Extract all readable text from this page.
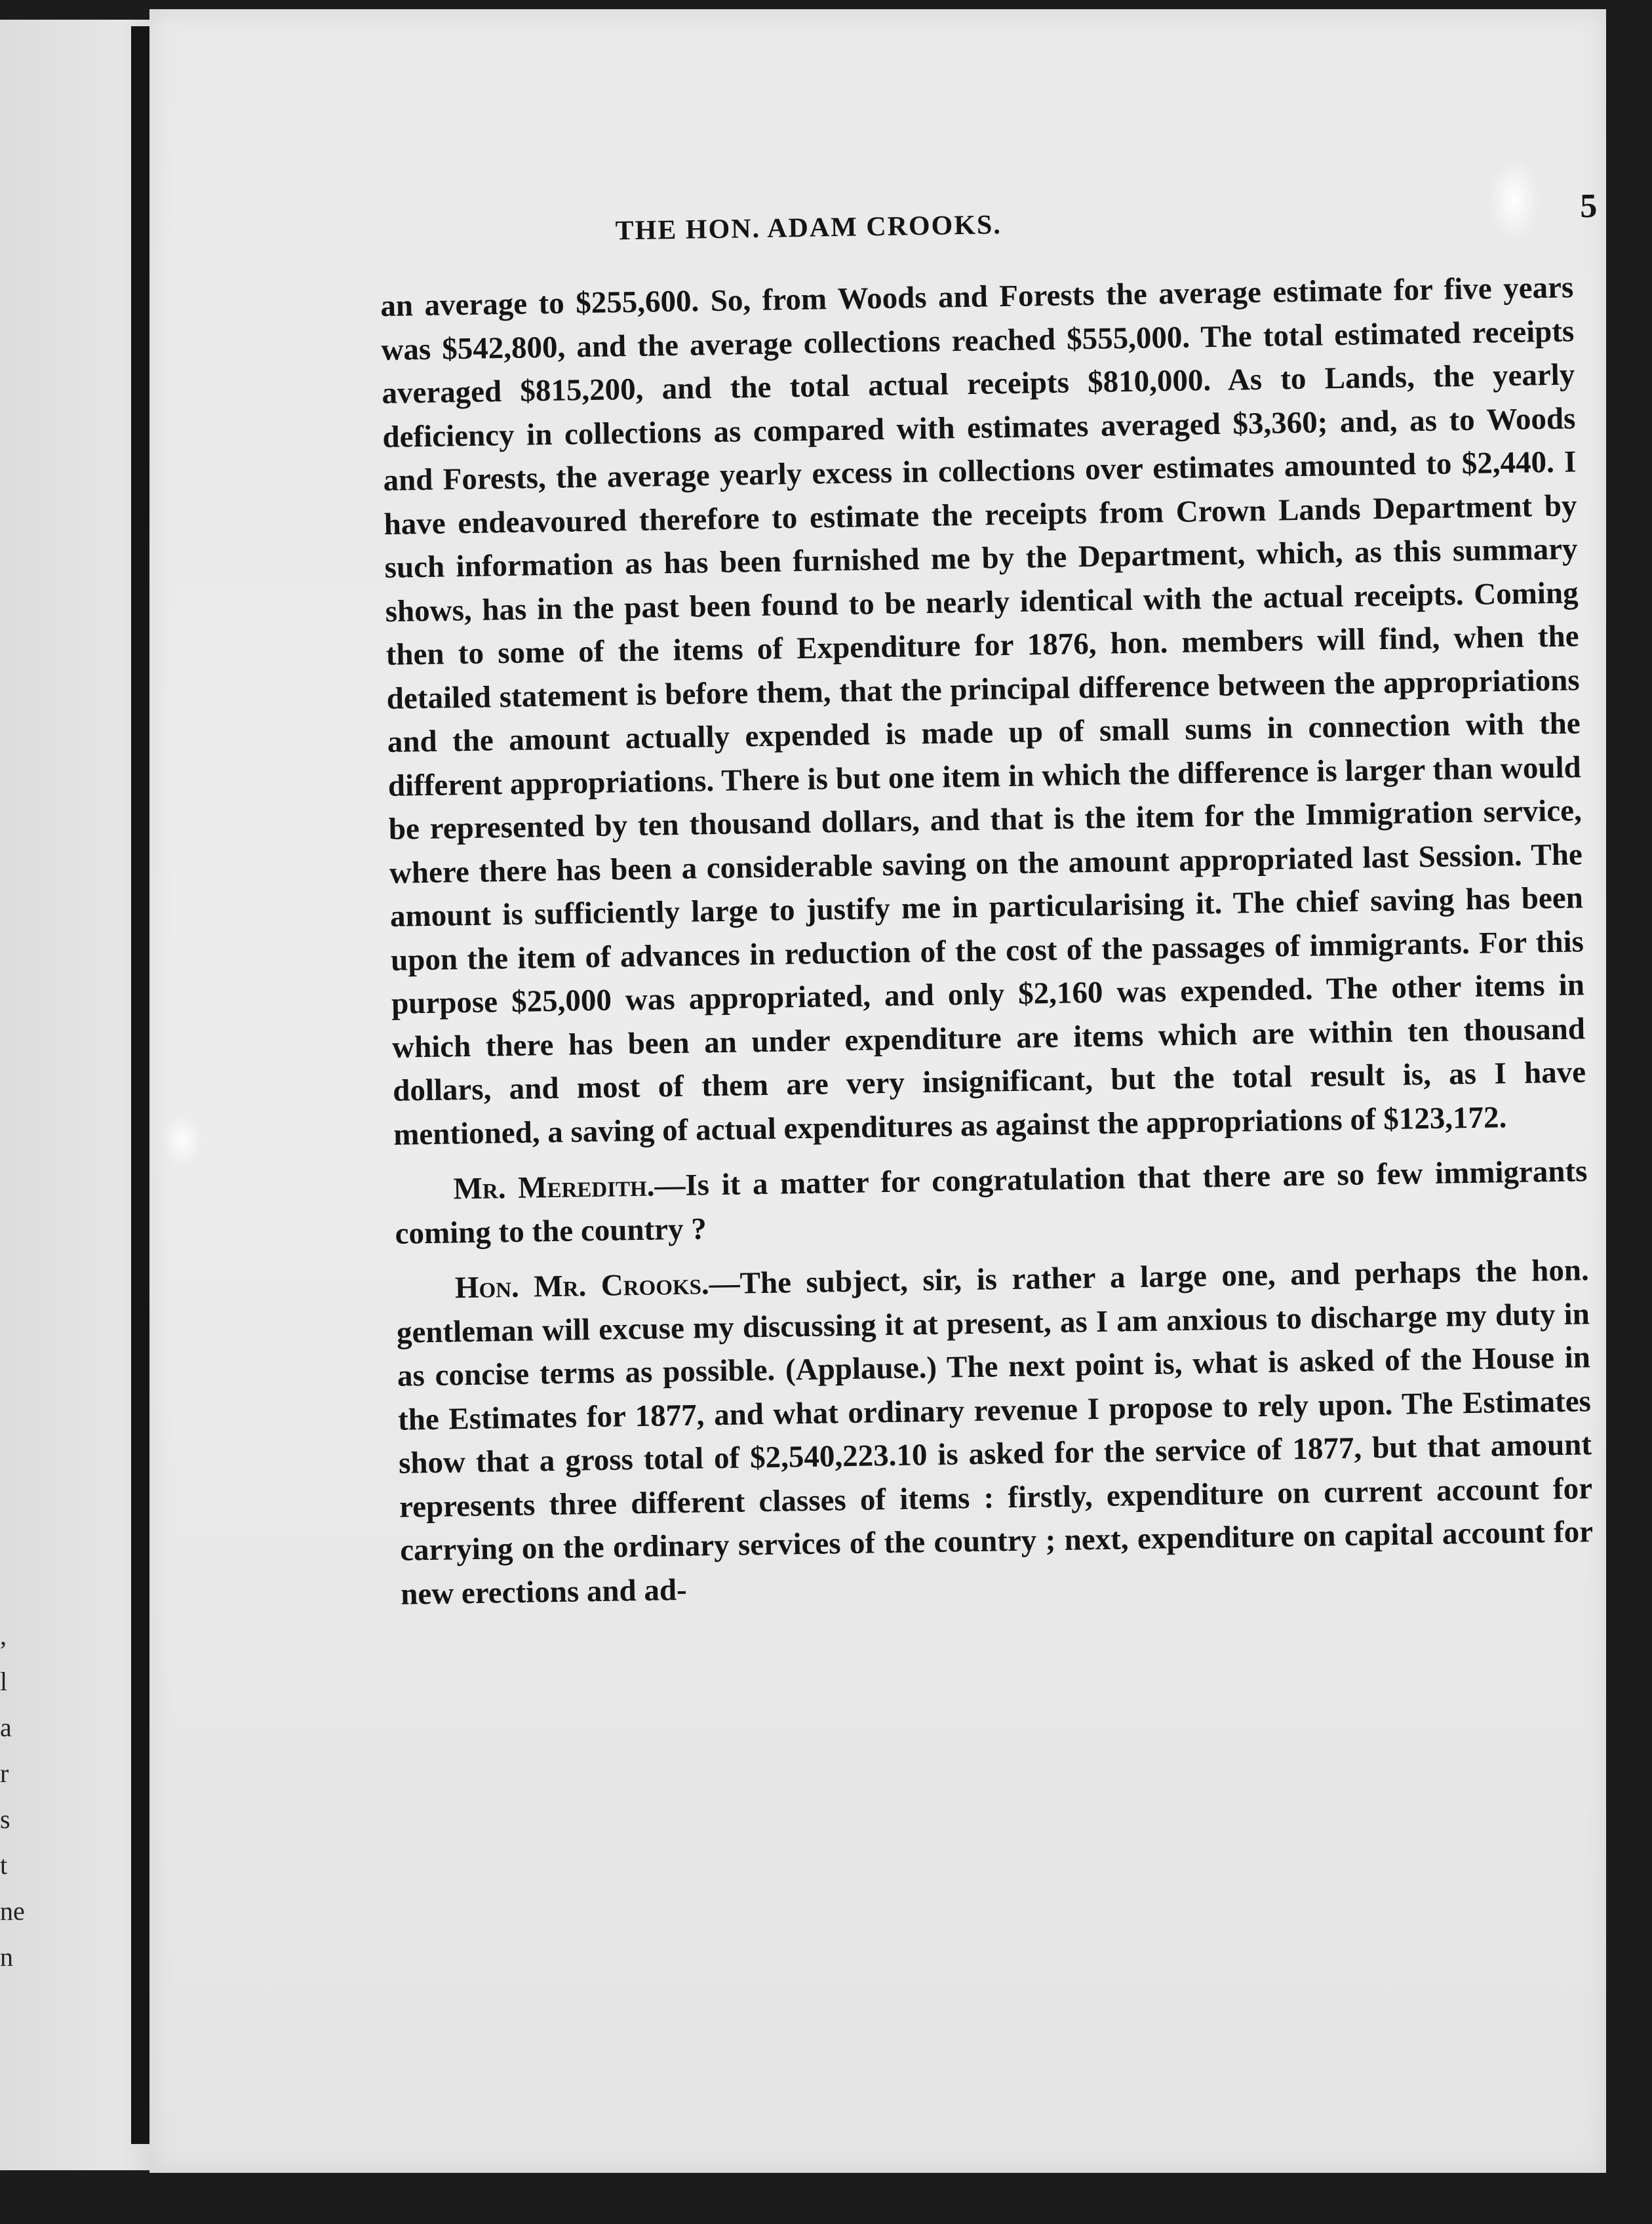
,
l
a
r
s
t
ne
n
THE HON. ADAM CROOKS.
5

an average to $255,600. So, from Woods and Forests the average estimate for five years was $542,800, and the average collections reached $555,000. The total estimated receipts averaged $815,200, and the total actual receipts $810,000. As to Lands, the yearly deficiency in collections as compared with estimates averaged $3,360; and, as to Woods and Forests, the average yearly excess in collections over estimates amounted to $2,440. I have endeavoured therefore to estimate the receipts from Crown Lands Department by such information as has been furnished me by the Department, which, as this summary shows, has in the past been found to be nearly identical with the actual receipts. Coming then to some of the items of Expenditure for 1876, hon. members will find, when the detailed statement is before them, that the principal difference between the appropriations and the amount actually expended is made up of small sums in connection with the different appropriations. There is but one item in which the difference is larger than would be represented by ten thousand dollars, and that is the item for the Immigration service, where there has been a considerable saving on the amount appropriated last Session. The amount is sufficiently large to justify me in particularising it. The chief saving has been upon the item of advances in reduction of the cost of the passages of immigrants. For this purpose $25,000 was appropriated, and only $2,160 was expended. The other items in which there has been an under expenditure are items which are within ten thousand dollars, and most of them are very insignificant, but the total result is, as I have mentioned, a saving of actual expenditures as against the appropriations of $123,172.

Mr. Meredith.—Is it a matter for congratulation that there are so few immigrants coming to the country ?

Hon. Mr. Crooks.—The subject, sir, is rather a large one, and perhaps the hon. gentleman will excuse my discussing it at present, as I am anxious to discharge my duty in as concise terms as possible. (Applause.) The next point is, what is asked of the House in the Estimates for 1877, and what ordinary revenue I propose to rely upon. The Estimates show that a gross total of $2,540,223.10 is asked for the service of 1877, but that amount represents three different classes of items : firstly, expenditure on current account for carrying on the ordinary services of the country ; next, expenditure on capital account for new erections and ad-
